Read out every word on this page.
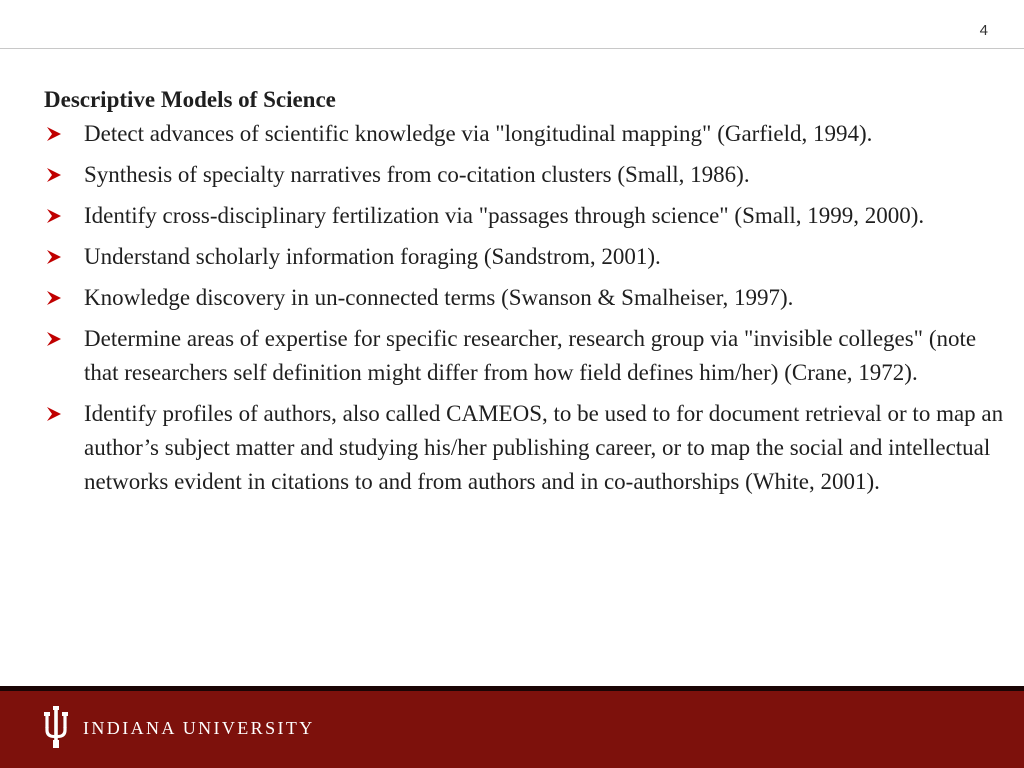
4
Descriptive Models of Science
Detect advances of scientific knowledge via "longitudinal mapping" (Garfield, 1994).
Synthesis of specialty narratives from co-citation clusters (Small, 1986).
Identify cross-disciplinary fertilization via "passages through science" (Small, 1999, 2000).
Understand scholarly information foraging (Sandstrom, 2001).
Knowledge discovery in un-connected terms (Swanson & Smalheiser, 1997).
Determine areas of expertise for specific researcher, research group via "invisible colleges" (note that researchers self definition might differ from how field defines him/her) (Crane, 1972).
Identify profiles of authors, also called CAMEOS, to be used to for document retrieval or to map an author’s subject matter and studying his/her publishing career, or to map the social and intellectual networks evident in citations to and from authors and in co-authorships (White, 2001).
INDIANA UNIVERSITY
